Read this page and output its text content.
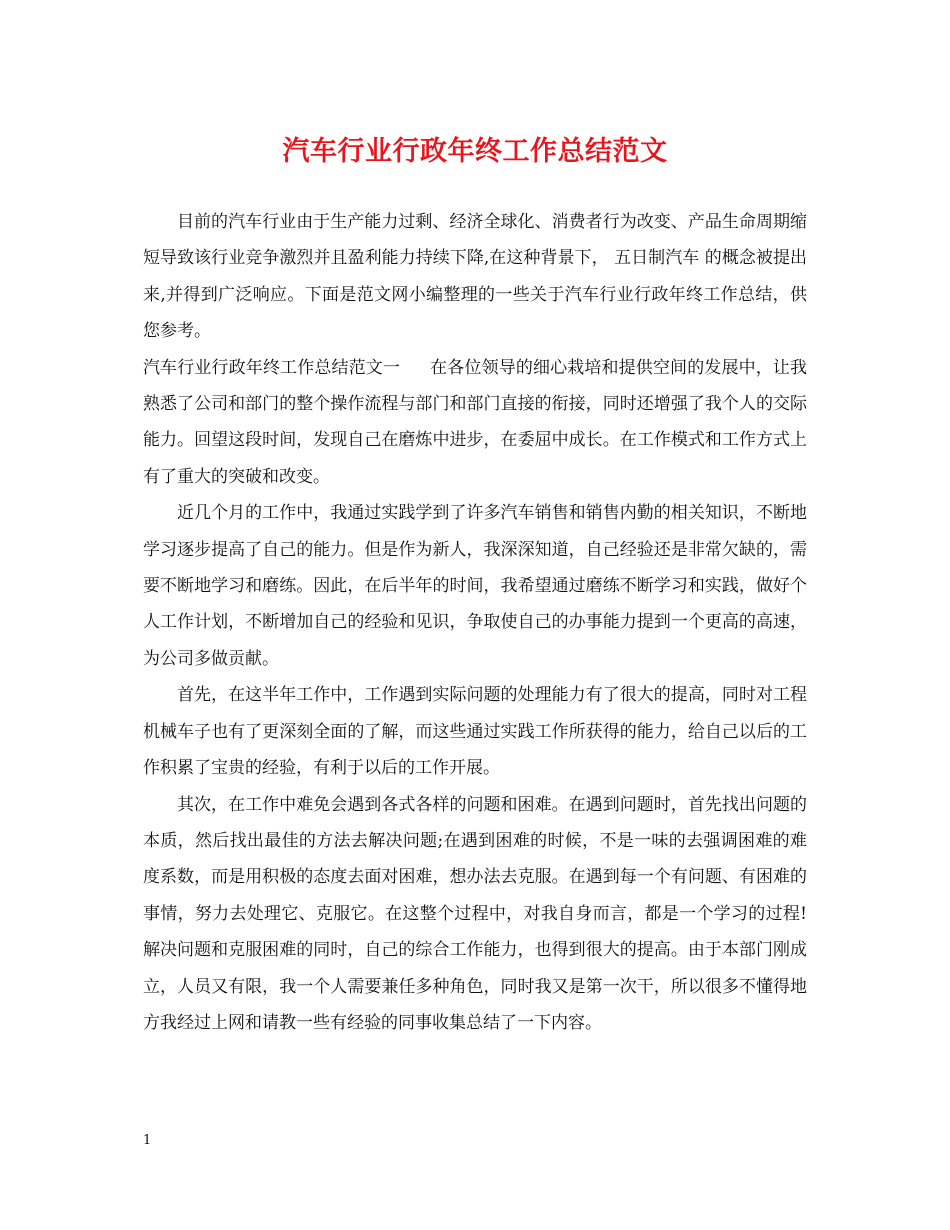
汽车行业行政年终工作总结范文

目前的汽车行业由于生产能力过剩、经济全球化、消费者行为改变、产品生命周期缩短导致该行业竞争激烈并且盈利能力持续下降,在这种背景下， 五日制汽车 的概念被提出来,并得到广泛响应。下面是范文网小编整理的一些关于汽车行业行政年终工作总结，供您参考。

汽车行业行政年终工作总结范文一 在各位领导的细心栽培和提供空间的发展中，让我熟悉了公司和部门的整个操作流程与部门和部门直接的衔接，同时还增强了我个人的交际能力。回望这段时间，发现自己在磨炼中进步，在委屈中成长。在工作模式和工作方式上有了重大的突破和改变。

近几个月的工作中，我通过实践学到了许多汽车销售和销售内勤的相关知识，不断地学习逐步提高了自己的能力。但是作为新人，我深深知道，自己经验还是非常欠缺的，需要不断地学习和磨练。因此，在后半年的时间，我希望通过磨练不断学习和实践，做好个人工作计划，不断增加自己的经验和见识，争取使自己的办事能力提到一个更高的高速，为公司多做贡献。

首先，在这半年工作中，工作遇到实际问题的处理能力有了很大的提高，同时对工程机械车子也有了更深刻全面的了解，而这些通过实践工作所获得的能力，给自己以后的工作积累了宝贵的经验，有利于以后的工作开展。

其次，在工作中难免会遇到各式各样的问题和困难。在遇到问题时，首先找出问题的本质，然后找出最佳的方法去解决问题;在遇到困难的时候，不是一味的去强调困难的难度系数，而是用积极的态度去面对困难，想办法去克服。在遇到每一个有问题、有困难的事情，努力去处理它、克服它。在这整个过程中，对我自身而言，都是一个学习的过程!解决问题和克服困难的同时，自己的综合工作能力，也得到很大的提高。由于本部门刚成立，人员又有限，我一个人需要兼任多种角色，同时我又是第一次干，所以很多不懂得地方我经过上网和请教一些有经验的同事收集总结了一下内容。

1
